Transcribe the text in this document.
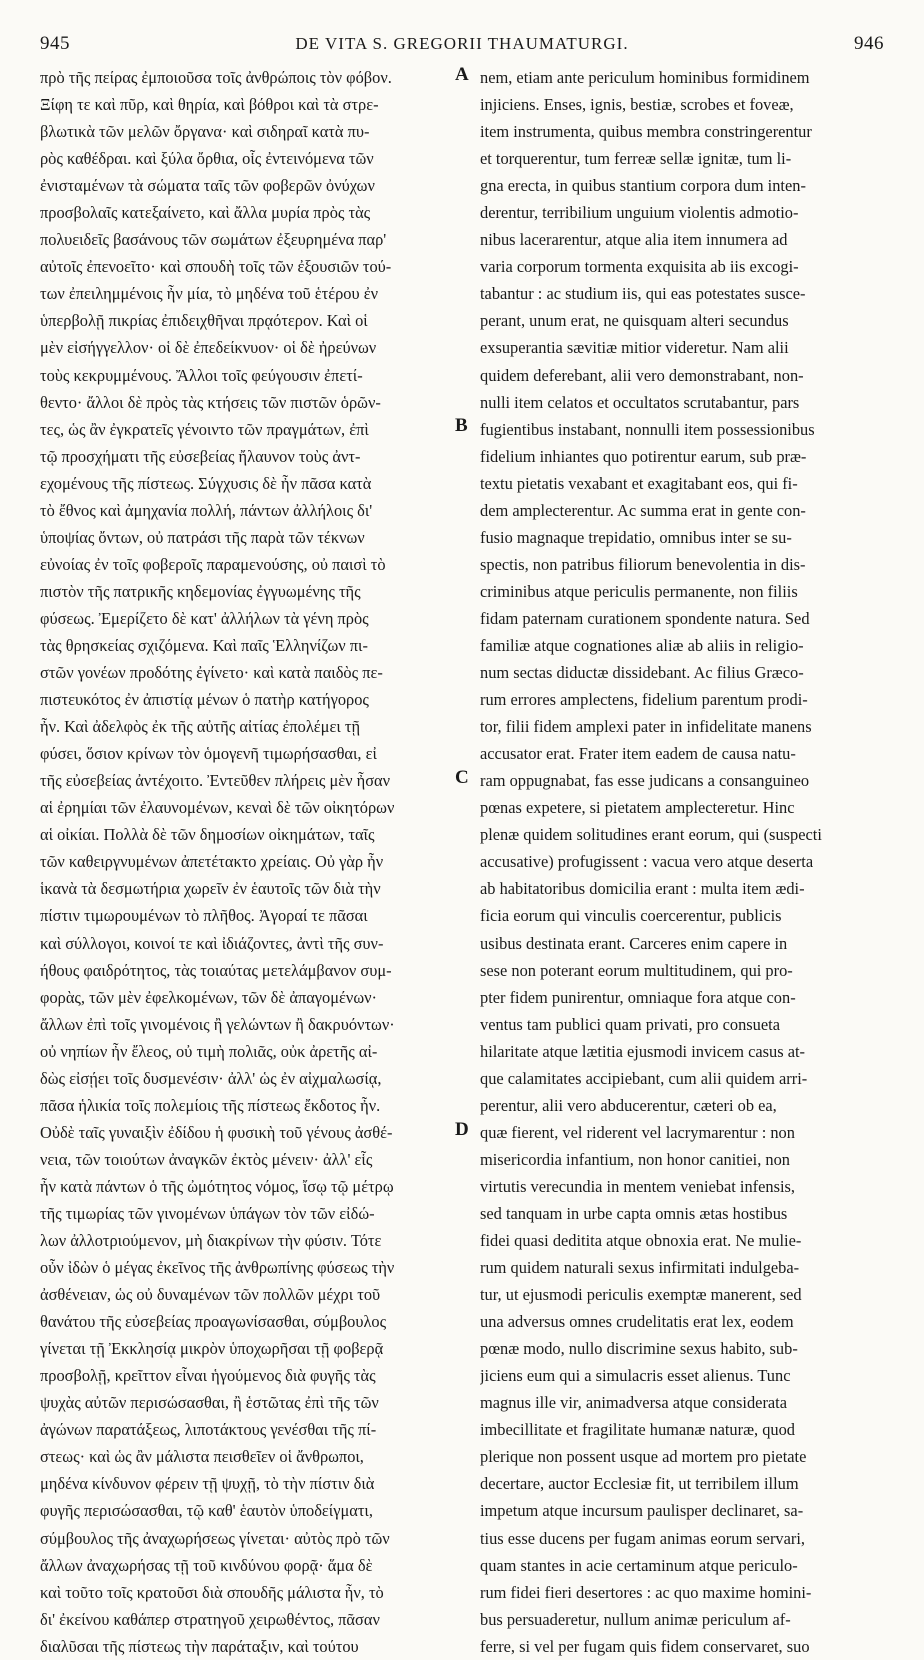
945	DE VITA S. GREGORII THAUMATURGI.	946
πρὸ τῆς πείρας ἐμποιοῦσα τοῖς ἀνθρώποις τὸν φόβον.
Ξίφη τε καὶ πῦρ, καὶ θηρία, καὶ βόθροι καὶ τὰ στρε-
βλωτικὰ τῶν μελῶν ὄργανα· καὶ σιδηραῖ κατὰ πυ-
ρὸς καθέδραι. καὶ ξύλα ὄρθια, οἷς ἐντεινόμενα τῶν
ἐνισταμένων τὰ σώματα ταῖς τῶν φοβερῶν ὀνύχων
προσβολαῖς κατεξαίνετο, καὶ ἄλλα μυρία πρὸς τὰς
πολυειδεῖς βασάνους τῶν σωμάτων ἐξευρημένα παρ'
αὐτοῖς ἐπενοεῖτο· καὶ σπουδὴ τοῖς τῶν ἐξουσιῶν τού-
των ἐπειλημμένοις ἦν μία, τὸ μηδένα τοῦ ἑτέρου ἐν
ὑπερβολῇ πικρίας ἐπιδειχθῆναι πρᾳότερον. Καὶ οἱ
μὲν εἰσήγγελλον· οἱ δὲ ἐπεδείκνυον· οἱ δὲ ἠρεύνων
τοὺς κεκρυμμένους. Ἄλλοι τοῖς φεύγουσιν ἐπετί-
θεντο· ἄλλοι δὲ πρὸς τὰς κτήσεις τῶν πιστῶν ὁρῶν-
τες, ὡς ἂν ἐγκρατεῖς γένοιντο τῶν πραγμάτων, ἐπὶ
τῷ προσχήματι τῆς εὐσεβείας ἤλαυνον τοὺς ἀντ-
εχομένους τῆς πίστεως. Σύγχυσις δὲ ἦν πᾶσα κατὰ
τὸ ἔθνος καὶ ἀμηχανία πολλή, πάντων ἀλλήλοις δι'
ὑποψίας ὄντων, οὐ πατράσι τῆς παρὰ τῶν τέκνων
εὐνοίας ἐν τοῖς φοβεροῖς παραμενούσης, οὐ παισὶ τὸ
πιστὸν τῆς πατρικῆς κηδεμονίας ἐγγυωμένης τῆς
φύσεως. Ἐμερίζετο δὲ κατ' ἀλλήλων τὰ γένη πρὸς
τὰς θρησκείας σχιζόμενα. Καὶ παῖς Ἑλληνίζων πι-
στῶν γονέων προδότης ἐγίνετο· καὶ κατὰ παιδὸς πε-
πιστευκότος ἐν ἀπιστίᾳ μένων ὁ πατὴρ κατήγορος
ἦν. Καὶ ἀδελφὸς ἐκ τῆς αὐτῆς αἰτίας ἐπολέμει τῇ
φύσει, ὅσιον κρίνων τὸν ὁμογενῆ τιμωρήσασθαι, εἰ
τῆς εὐσεβείας ἀντέχοιτο. Ἐντεῦθεν πλήρεις μὲν ἦσαν
αἱ ἐρημίαι τῶν ἐλαυνομένων, κεναὶ δὲ τῶν οἰκητόρων
αἱ οἰκίαι. Πολλὰ δὲ τῶν δημοσίων οἰκημάτων, ταῖς
τῶν καθειργνυμένων ἀπετέτακτο χρείαις. Οὐ γὰρ ἦν
ἱκανὰ τὰ δεσμωτήρια χωρεῖν ἐν ἑαυτοῖς τῶν διὰ τὴν
πίστιν τιμωρουμένων τὸ πλῆθος. Ἀγοραί τε πᾶσαι
καὶ σύλλογοι, κοινοί τε καὶ ἰδιάζοντες, ἀντὶ τῆς συν-
ήθους φαιδρότητος, τὰς τοιαύτας μετελάμβανον συμ-
φορὰς, τῶν μὲν ἐφελκομένων, τῶν δὲ ἀπαγομένων·
ἄλλων ἐπὶ τοῖς γινομένοις ἢ γελώντων ἢ δακρυόντων·
οὐ νηπίων ἦν ἔλεος, οὐ τιμὴ πολιᾶς, οὐκ ἀρετῆς αἰ-
δὼς εἰσῄει τοῖς δυσμενέσιν· ἀλλ' ὡς ἐν αἰχμαλωσίᾳ,
πᾶσα ἡλικία τοῖς πολεμίοις τῆς πίστεως ἔκδοτος ἦν.
Οὐδὲ ταῖς γυναιξὶν ἐδίδου ἡ φυσικὴ τοῦ γένους ἀσθέ-
νεια, τῶν τοιούτων ἀναγκῶν ἐκτὸς μένειν· ἀλλ' εἷς
ἦν κατὰ πάντων ὁ τῆς ὠμότητος νόμος, ἴσῳ τῷ μέτρῳ
τῆς τιμωρίας τῶν γινομένων ὑπάγων τὸν τῶν εἰδώ-
λων ἀλλοτριούμενον, μὴ διακρίνων τὴν φύσιν. Τότε
οὖν ἰδὼν ὁ μέγας ἐκεῖνος τῆς ἀνθρωπίνης φύσεως τὴν
ἀσθένειαν, ὡς οὐ δυναμένων τῶν πολλῶν μέχρι τοῦ
θανάτου τῆς εὐσεβείας προαγωνίσασθαι, σύμβουλος
γίνεται τῇ Ἐκκλησίᾳ μικρὸν ὑποχωρῆσαι τῇ φοβερᾷ
προσβολῇ, κρεῖττον εἶναι ἡγούμενος διὰ φυγῆς τὰς
ψυχὰς αὐτῶν περισώσασθαι, ἢ ἑστῶτας ἐπὶ τῆς τῶν
ἀγώνων παρατάξεως, λιποτάκτους γενέσθαι τῆς πί-
στεως· καὶ ὡς ἂν μάλιστα πεισθεῖεν οἱ ἄνθρωποι,
μηδένα κίνδυνον φέρειν τῇ ψυχῇ, τὸ τὴν πίστιν διὰ
φυγῆς περισώσασθαι, τῷ καθ' ἑαυτὸν ὑποδείγματι,
σύμβουλος τῆς ἀναχωρήσεως γίνεται· αὐτὸς πρὸ τῶν
ἄλλων ἀναχωρήσας τῇ τοῦ κινδύνου φορᾷ· ἅμα δὲ
καὶ τοῦτο τοῖς κρατοῦσι διὰ σπουδῆς μάλιστα ἦν, τὸ
δι' ἐκείνου καθάπερ στρατηγοῦ χειρωθέντος, πᾶσαν
διαλῦσαι τῆς πίστεως τὴν παράταξιν, καὶ τούτου
nem, etiam ante periculum hominibus formidinem
injiciens. Enses, ignis, bestiæ, scrobes et foveæ,
item instrumenta, quibus membra constringerentur
et torquerentur, tum ferreæ sellæ ignitæ, tum li-
gna erecta, in quibus stantium corpora dum inten-
derentur, terribilium unguium violentis admotio-
nibus lacerarentur, atque alia item innumera ad
varia corporum tormenta exquisita ab iis excogi-
tabantur : ac studium iis, qui eas potestates susce-
perant, unum erat, ne quisquam alteri secundus
exsuperantia sævitiæ mitior videretur. Nam alii
quidem deferebant, alii vero demonstrabant, non-
nulli item celatos et occultatos scrutabantur, pars
fugientibus instabant, nonnulli item possessionibus
fidelium inhiantes quo potirentur earum, sub præ-
textu pietatis vexabant et exagitabant eos, qui fi-
dem amplecterentur. Ac summa erat in gente con-
fusio magnaque trepidatio, omnibus inter se su-
spectis, non patribus filiorum benevolentia in dis-
criminibus atque periculis permanente, non filiis
fidam paternam curationem spondente natura. Sed
familiæ atque cognationes aliæ ab aliis in religio-
num sectas diductæ dissidebant. Ac filius Græco-
rum errores amplectens, fidelium parentum prodi-
tor, filii fidem amplexi pater in infidelitate manens
accusator erat. Frater item eadem de causa natu-
ram oppugnabat, fas esse judicans a consanguineo
pœnas expetere, si pietatem amplecteretur. Hinc
plenæ quidem solitudines erant eorum, qui (suspecti
accusative) profugissent : vacua vero atque deserta
ab habitatoribus domicilia erant : multa item ædi-
ficia eorum qui vinculis coercerentur, publicis
usibus destinata erant. Carceres enim capere in
sese non poterant eorum multitudinem, qui pro-
pter fidem punirentur, omniaque fora atque con-
ventus tam publici quam privati, pro consueta
hilaritate atque lætitia ejusmodi invicem casus at-
que calamitates accipiebant, cum alii quidem arri-
perentur, alii vero abducerentur, cæteri ob ea,
quæ fierent, vel riderent vel lacrymarentur : non
misericordia infantium, non honor canitiei, non
virtutis verecundia in mentem veniebat infensis,
sed tanquam in urbe capta omnis ætas hostibus
fidei quasi deditita atque obnoxia erat. Ne mulie-
rum quidem naturali sexus infirmitati indulgeba-
tur, ut ejusmodi periculis exemptæ manerent, sed
una adversus omnes crudelitatis erat lex, eodem
pœnæ modo, nullo discrimine sexus habito, sub-
jiciens eum qui a simulacris esset alienus. Tunc
magnus ille vir, animadversa atque considerata
imbecillitate et fragilitate humanæ naturæ, quod
plerique non possent usque ad mortem pro pietate
decertare, auctor Ecclesiæ fit, ut terribilem illum
impetum atque incursum paulisper declinaret, sa-
tius esse ducens per fugam animas eorum servari,
quam stantes in acie certaminum atque periculo-
rum fidei fieri desertores : ac quo maxime homini-
bus persuaderetur, nullum animæ periculum af-
ferre, si vel per fugam quis fidem conservaret, suo
A
B
C
D
